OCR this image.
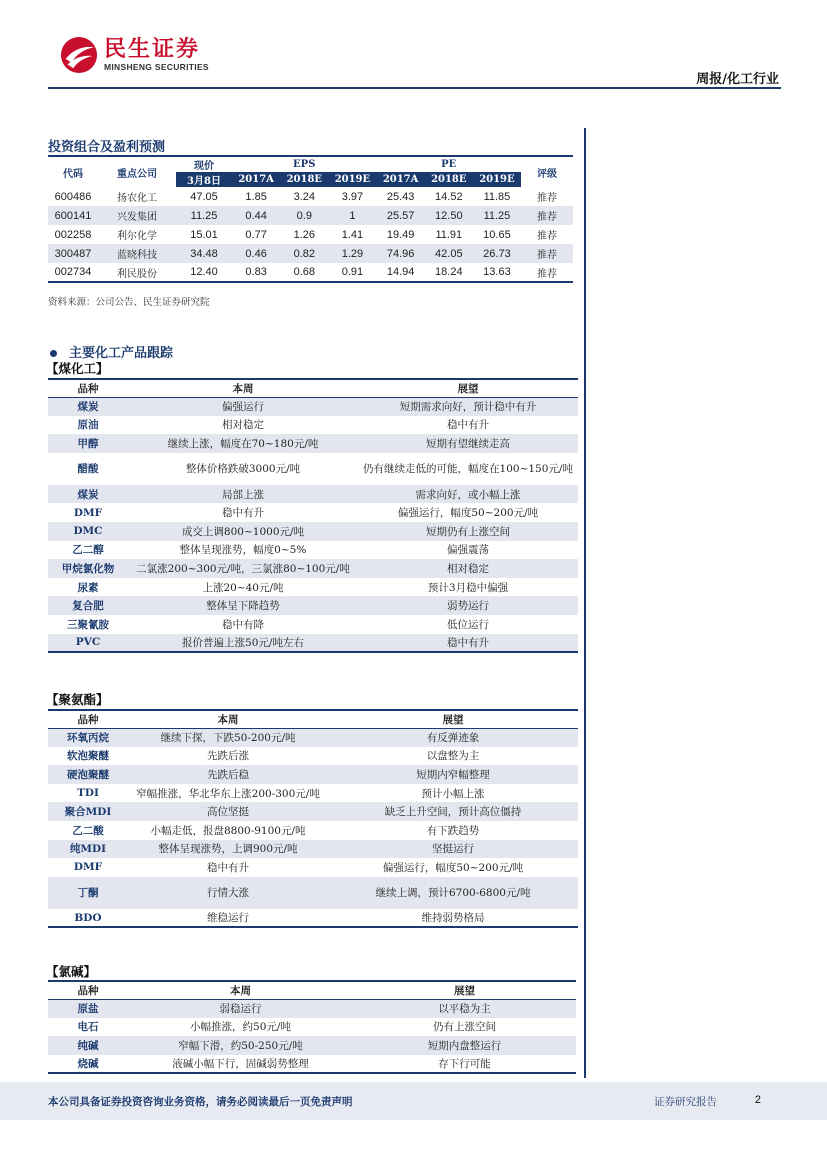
民生证券
MINSHENG SECURITIES
周报/化工行业
投资组合及盈利预测
代码	重点公司	现价	EPS			PE			评级
		3月8日	2017A	2018E	2019E	2017A	2018E	2019E	
600486	扬农化工	47.05	1.85	3.24	3.97	25.43	14.52	11.85	推荐
600141	兴发集团	11.25	0.44	0.9	1	25.57	12.50	11.25	推荐
002258	利尔化学	15.01	0.77	1.26	1.41	19.49	11.91	10.65	推荐
300487	蓝晓科技	34.48	0.46	0.82	1.29	74.96	42.05	26.73	推荐
002734	利民股份	12.40	0.83	0.68	0.91	14.94	18.24	13.63	推荐
资料来源：公司公告、民生证券研究院
主要化工产品跟踪
【煤化工】
品种	本周	展望
煤炭	偏强运行	短期需求向好，预计稳中有升
原油	相对稳定	稳中有升
甲醇	继续上涨，幅度在70~180元/吨	短期有望继续走高
醋酸	整体价格跌破3000元/吨	仍有继续走低的可能，幅度在100~150元/吨
煤炭	局部上涨	需求向好，或小幅上涨
DMF	稳中有升	偏强运行，幅度50~200元/吨
DMC	成交上调800~1000元/吨	短期仍有上涨空间
乙二醇	整体呈现涨势，幅度0~5%	偏强震荡
甲烷氯化物	二氯涨200~300元/吨，三氯涨80~100元/吨	相对稳定
尿素	上涨20~40元/吨	预计3月稳中偏强
复合肥	整体呈下降趋势	弱势运行
三聚氰胺	稳中有降	低位运行
PVC	报价普遍上涨50元/吨左右	稳中有升
【聚氨酯】
品种	本周	展望
环氧丙烷	继续下探，下跌50-200元/吨	有反弹迹象
软泡聚醚	先跌后涨	以盘整为主
硬泡聚醚	先跌后稳	短期内窄幅整理
TDI	窄幅推涨，华北华东上涨200-300元/吨	预计小幅上涨
聚合MDI	高位坚挺	缺乏上升空间，预计高位僵持
乙二酸	小幅走低，报盘8800-9100元/吨	有下跌趋势
纯MDI	整体呈现涨势，上调900元/吨	坚挺运行
DMF	稳中有升	偏强运行，幅度50~200元/吨
丁酮	行情大涨	继续上调，预计6700-6800元/吨
BDO	维稳运行	维持弱势格局
【氯碱】
品种	本周	展望
原盐	弱稳运行	以平稳为主
电石	小幅推涨，约50元/吨	仍有上涨空间
纯碱	窄幅下滑，约50-250元/吨	短期内盘整运行
烧碱	液碱小幅下行，固碱弱势整理	存下行可能
本公司具备证券投资咨询业务资格，请务必阅读最后一页免责声明	证券研究报告	2
